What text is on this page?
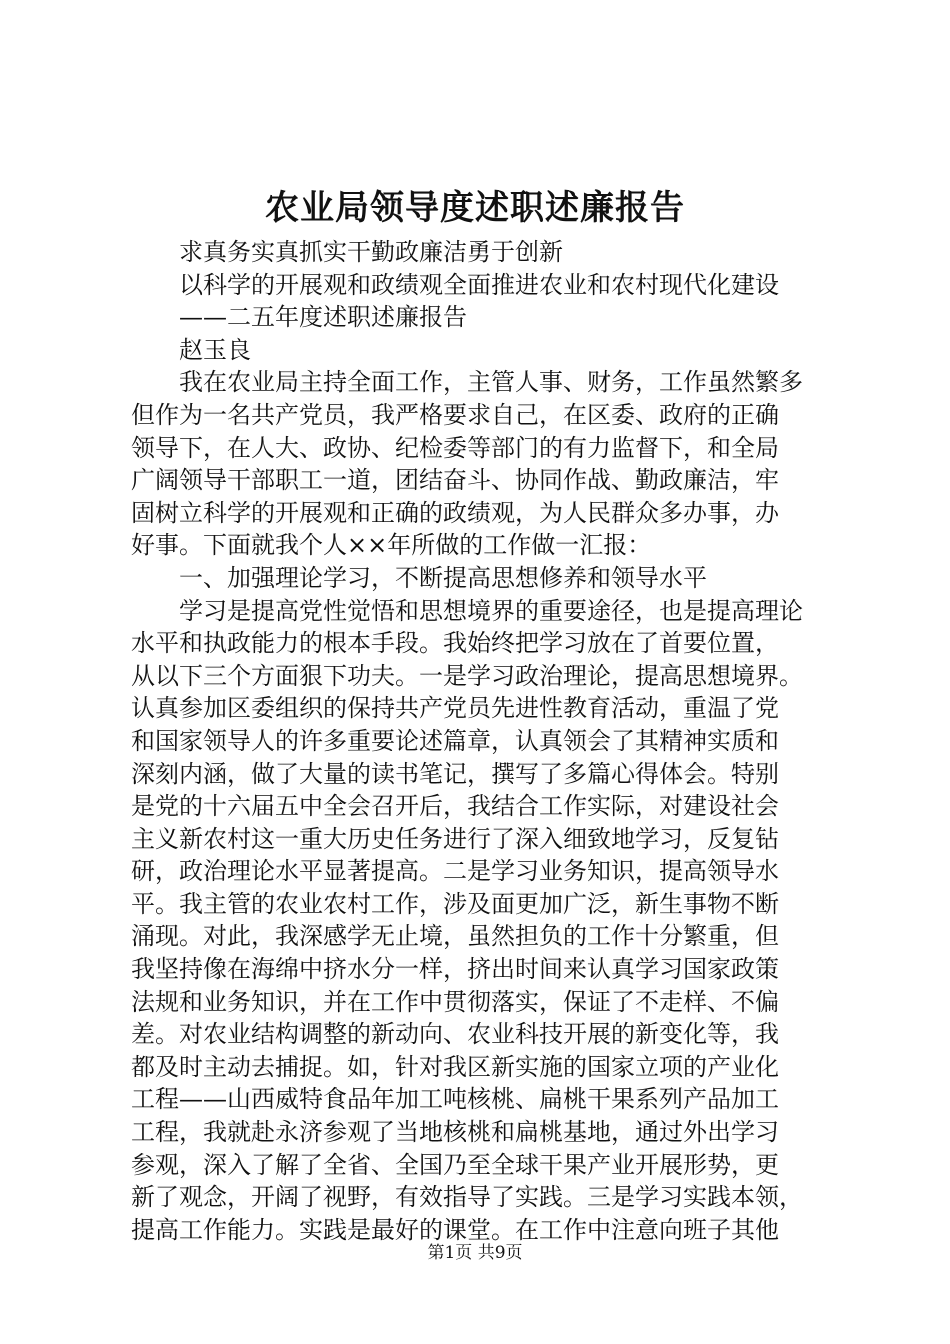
农业局领导度述职述廉报告
求真务实真抓实干勤政廉洁勇于创新
以科学的开展观和政绩观全面推进农业和农村现代化建设
——二五年度述职述廉报告
赵玉良
我在农业局主持全面工作，主管人事、财务，工作虽然繁多
但作为一名共产党员，我严格要求自己，在区委、政府的正确
领导下，在人大、政协、纪检委等部门的有力监督下，和全局
广阔领导干部职工一道，团结奋斗、协同作战、勤政廉洁，牢
固树立科学的开展观和正确的政绩观，为人民群众多办事，办
好事。下面就我个人××年所做的工作做一汇报：
一、加强理论学习，不断提高思想修养和领导水平
学习是提高党性觉悟和思想境界的重要途径，也是提高理论
水平和执政能力的根本手段。我始终把学习放在了首要位置，
从以下三个方面狠下功夫。一是学习政治理论，提高思想境界。
认真参加区委组织的保持共产党员先进性教育活动，重温了党
和国家领导人的许多重要论述篇章，认真领会了其精神实质和
深刻内涵，做了大量的读书笔记，撰写了多篇心得体会。特别
是党的十六届五中全会召开后，我结合工作实际，对建设社会
主义新农村这一重大历史任务进行了深入细致地学习，反复钻
研，政治理论水平显著提高。二是学习业务知识，提高领导水
平。我主管的农业农村工作，涉及面更加广泛，新生事物不断
涌现。对此，我深感学无止境，虽然担负的工作十分繁重，但
我坚持像在海绵中挤水分一样，挤出时间来认真学习国家政策
法规和业务知识，并在工作中贯彻落实，保证了不走样、不偏
差。对农业结构调整的新动向、农业科技开展的新变化等，我
都及时主动去捕捉。如，针对我区新实施的国家立项的产业化
工程——山西威特食品年加工吨核桃、扁桃干果系列产品加工
工程，我就赴永济参观了当地核桃和扁桃基地，通过外出学习
参观，深入了解了全省、全国乃至全球干果产业开展形势，更
新了观念，开阔了视野，有效指导了实践。三是学习实践本领，
提高工作能力。实践是最好的课堂。在工作中注意向班子其他
第1页 共9页
